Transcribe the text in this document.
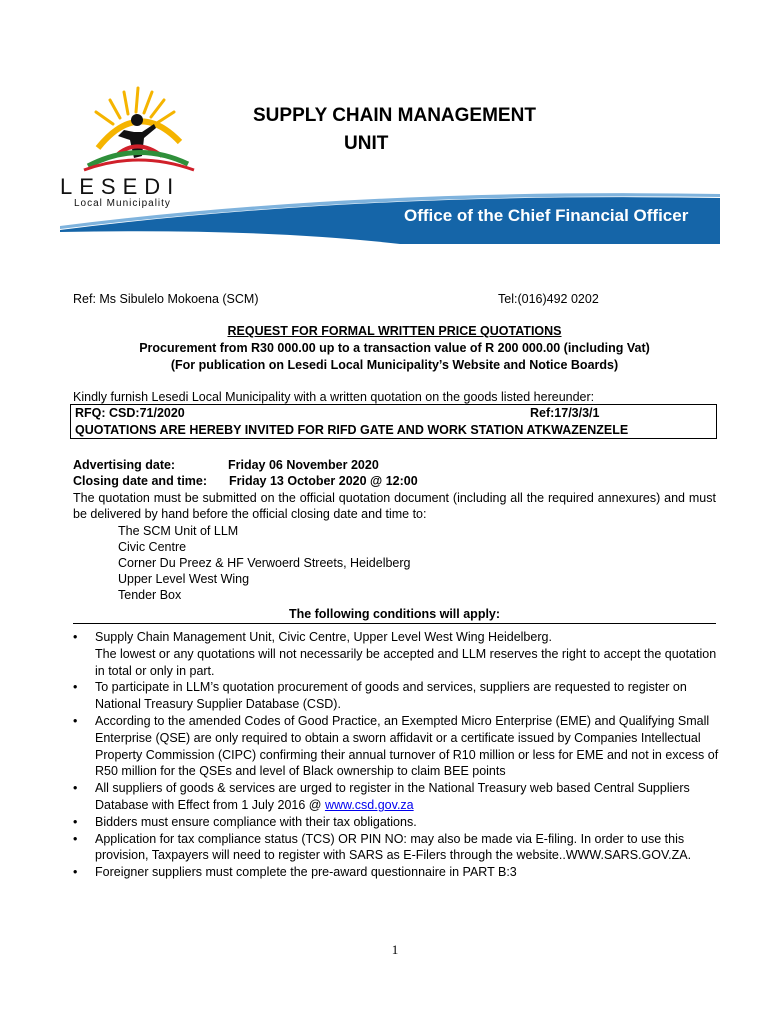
LESEDI
Local Municipality
SUPPLY CHAIN MANAGEMENT
UNIT
Office of the Chief Financial Officer
Ref: Ms Sibulelo Mokoena (SCM)	Tel:(016)492 0202
REQUEST FOR FORMAL WRITTEN PRICE QUOTATIONS
Procurement from R30 000.00 up to a transaction value of R 200 000.00 (including Vat)
(For publication on Lesedi Local Municipality’s Website and Notice Boards)
Kindly furnish Lesedi Local Municipality with a written quotation on the goods listed hereunder:
RFQ: CSD:71/2020	Ref:17/3/3/1
QUOTATIONS ARE HEREBY INVITED FOR RIFD GATE AND WORK STATION ATKWAZENZELE
Advertising date:	Friday 06 November 2020
Closing date and time: Friday 13 October 2020 @ 12:00
The quotation must be submitted on the official quotation document (including all the required annexures) and must be delivered by hand before the official closing date and time to:
The SCM Unit of LLM
Civic Centre
Corner Du Preez & HF Verwoerd Streets, Heidelberg
Upper Level West Wing
Tender Box
The following conditions will apply:
• Supply Chain Management Unit, Civic Centre, Upper Level West Wing Heidelberg.
The lowest or any quotations will not necessarily be accepted and LLM reserves the right to accept the quotation in total or only in part.
• To participate in LLM’s quotation procurement of goods and services, suppliers are requested to register on National Treasury Supplier Database (CSD).
• According to the amended Codes of Good Practice, an Exempted Micro Enterprise (EME) and Qualifying Small Enterprise (QSE) are only required to obtain a sworn affidavit or a certificate issued by Companies Intellectual Property Commission (CIPC) confirming their annual turnover of R10 million or less for EME and not in excess of R50 million for the QSEs and level of Black ownership to claim BEE points
• All suppliers of goods & services are urged to register in the National Treasury web based Central Suppliers Database with Effect from 1 July 2016 @ www.csd.gov.za
• Bidders must ensure compliance with their tax obligations.
• Application for tax compliance status (TCS) OR PIN NO: may also be made via E-filing. In order to use this provision, Taxpayers will need to register with SARS as E-Filers through the website..WWW.SARS.GOV.ZA.
• Foreigner suppliers must complete the pre-award questionnaire in PART B:3
1
